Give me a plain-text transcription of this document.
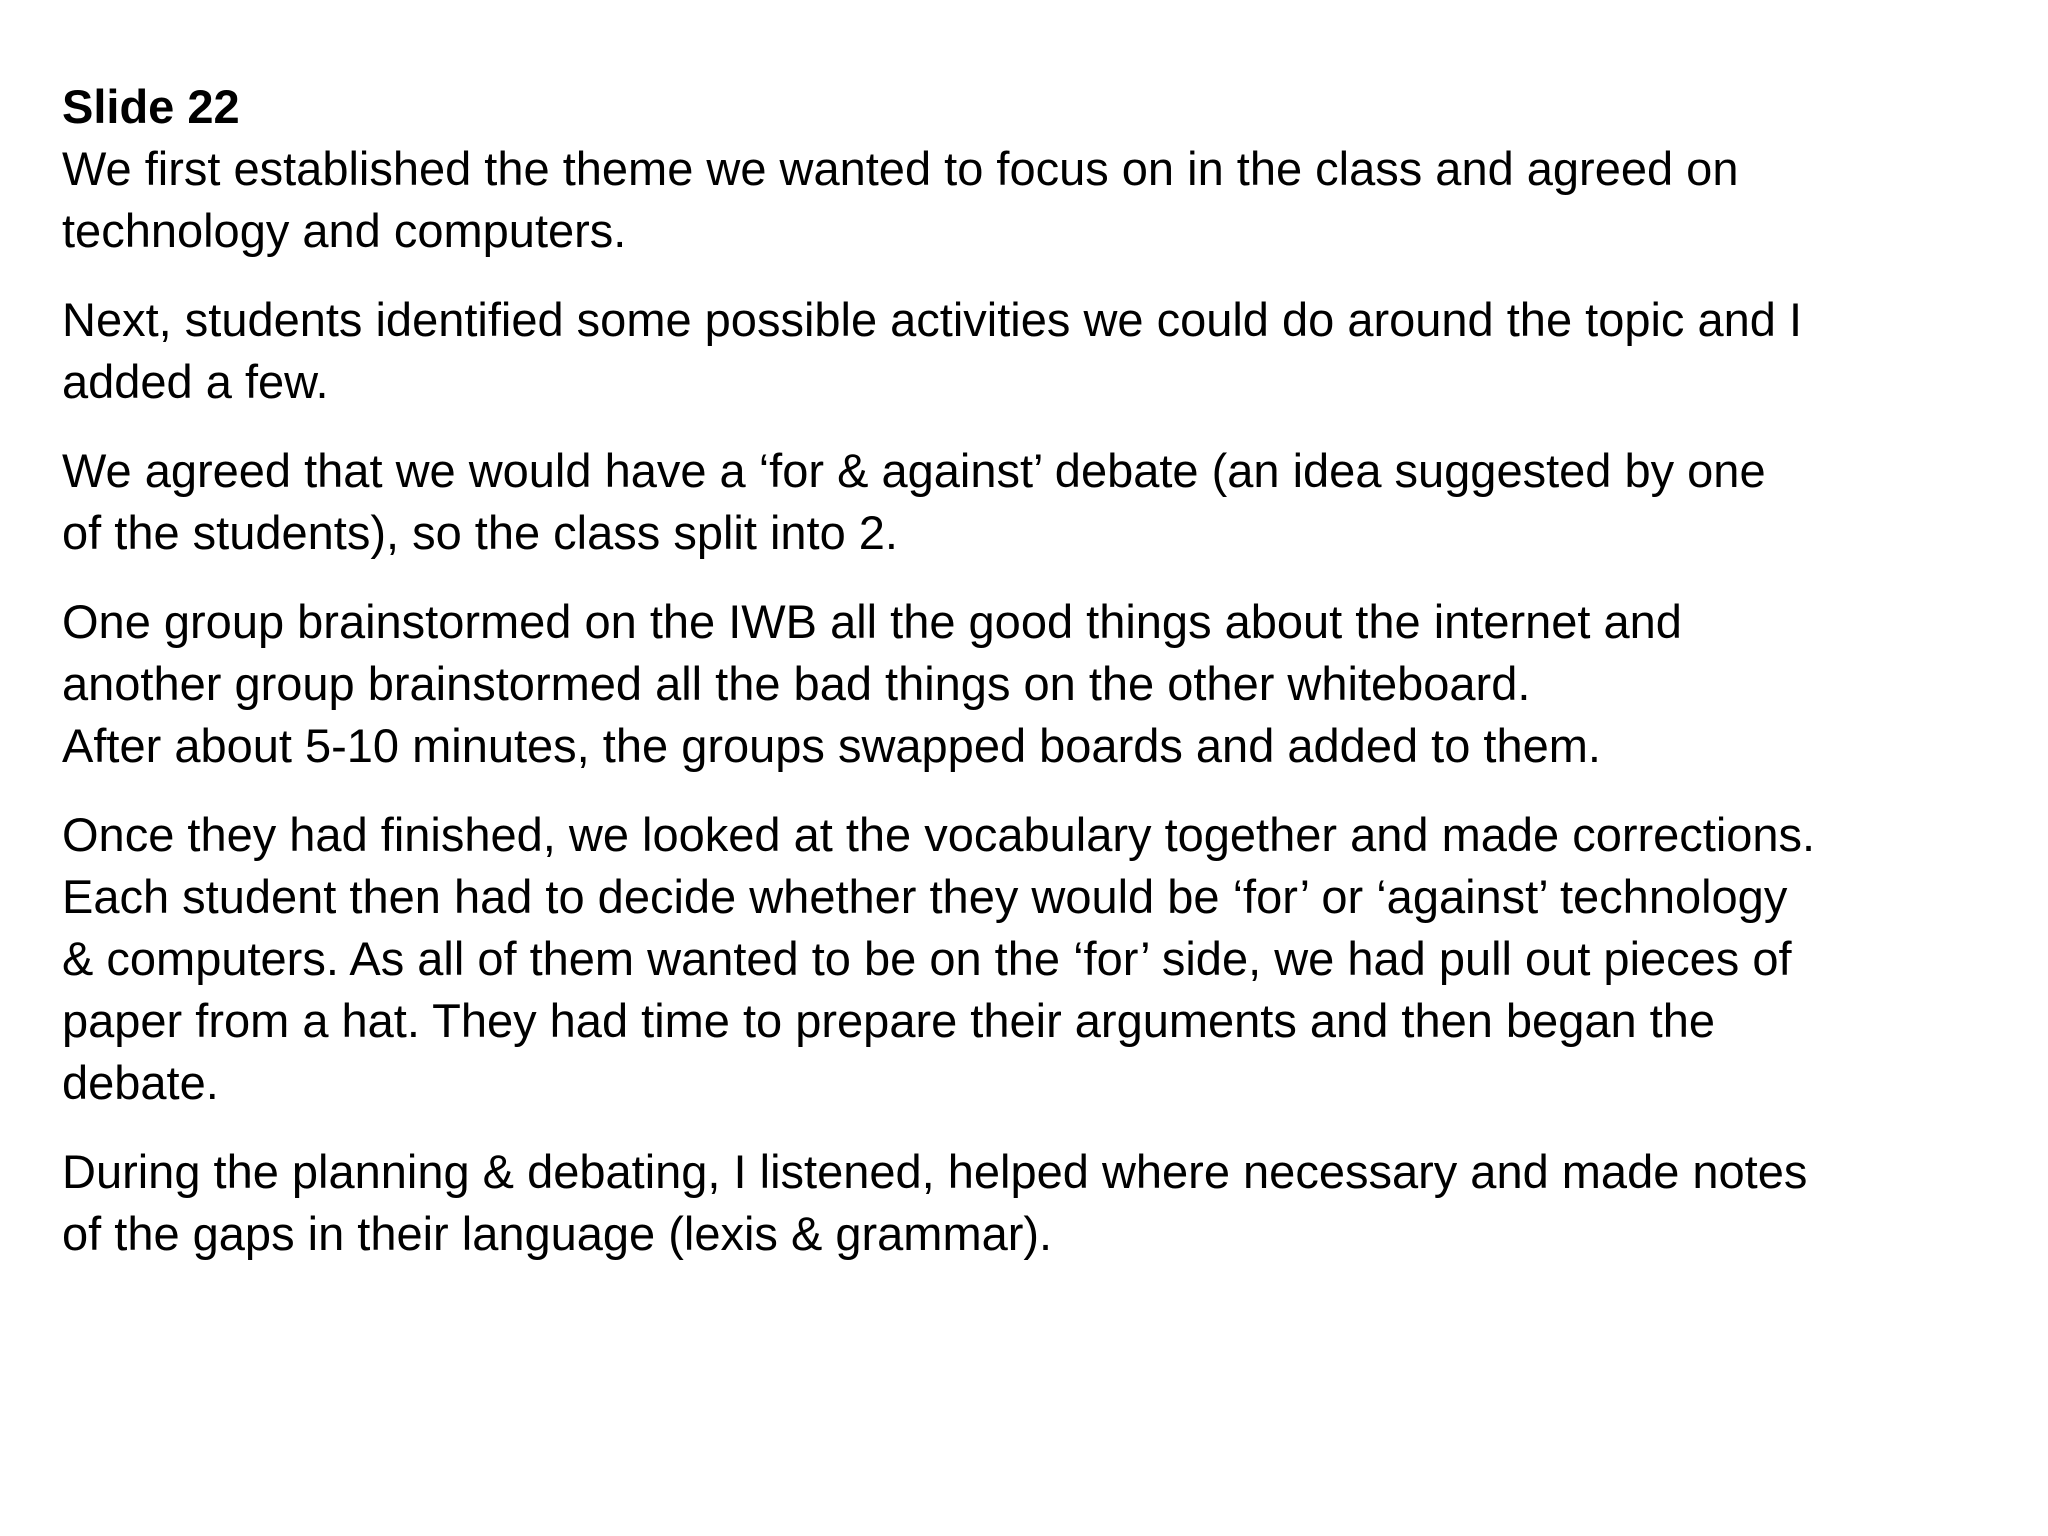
Slide 22
We first established the theme we wanted to focus on in the class and agreed on
technology and computers.
Next, students identified some possible activities we could do around the topic and I
added a few.
We agreed that we would have a ‘for & against’ debate (an idea suggested by one
of the students), so the class split into 2.
One group brainstormed on the IWB all the good things about the internet and
another group brainstormed all the bad things on the other whiteboard.
After about 5-10 minutes, the groups swapped boards and added to them.
Once they had finished, we looked at the vocabulary together and made corrections.
Each student then had to decide whether they would be ‘for’ or ‘against’ technology
& computers. As all of them wanted to be on the ‘for’ side, we had pull out pieces of
paper from a hat. They had time to prepare their arguments and then began the
debate.
During the planning & debating, I listened, helped where necessary and made notes
of the gaps in their language (lexis & grammar).
